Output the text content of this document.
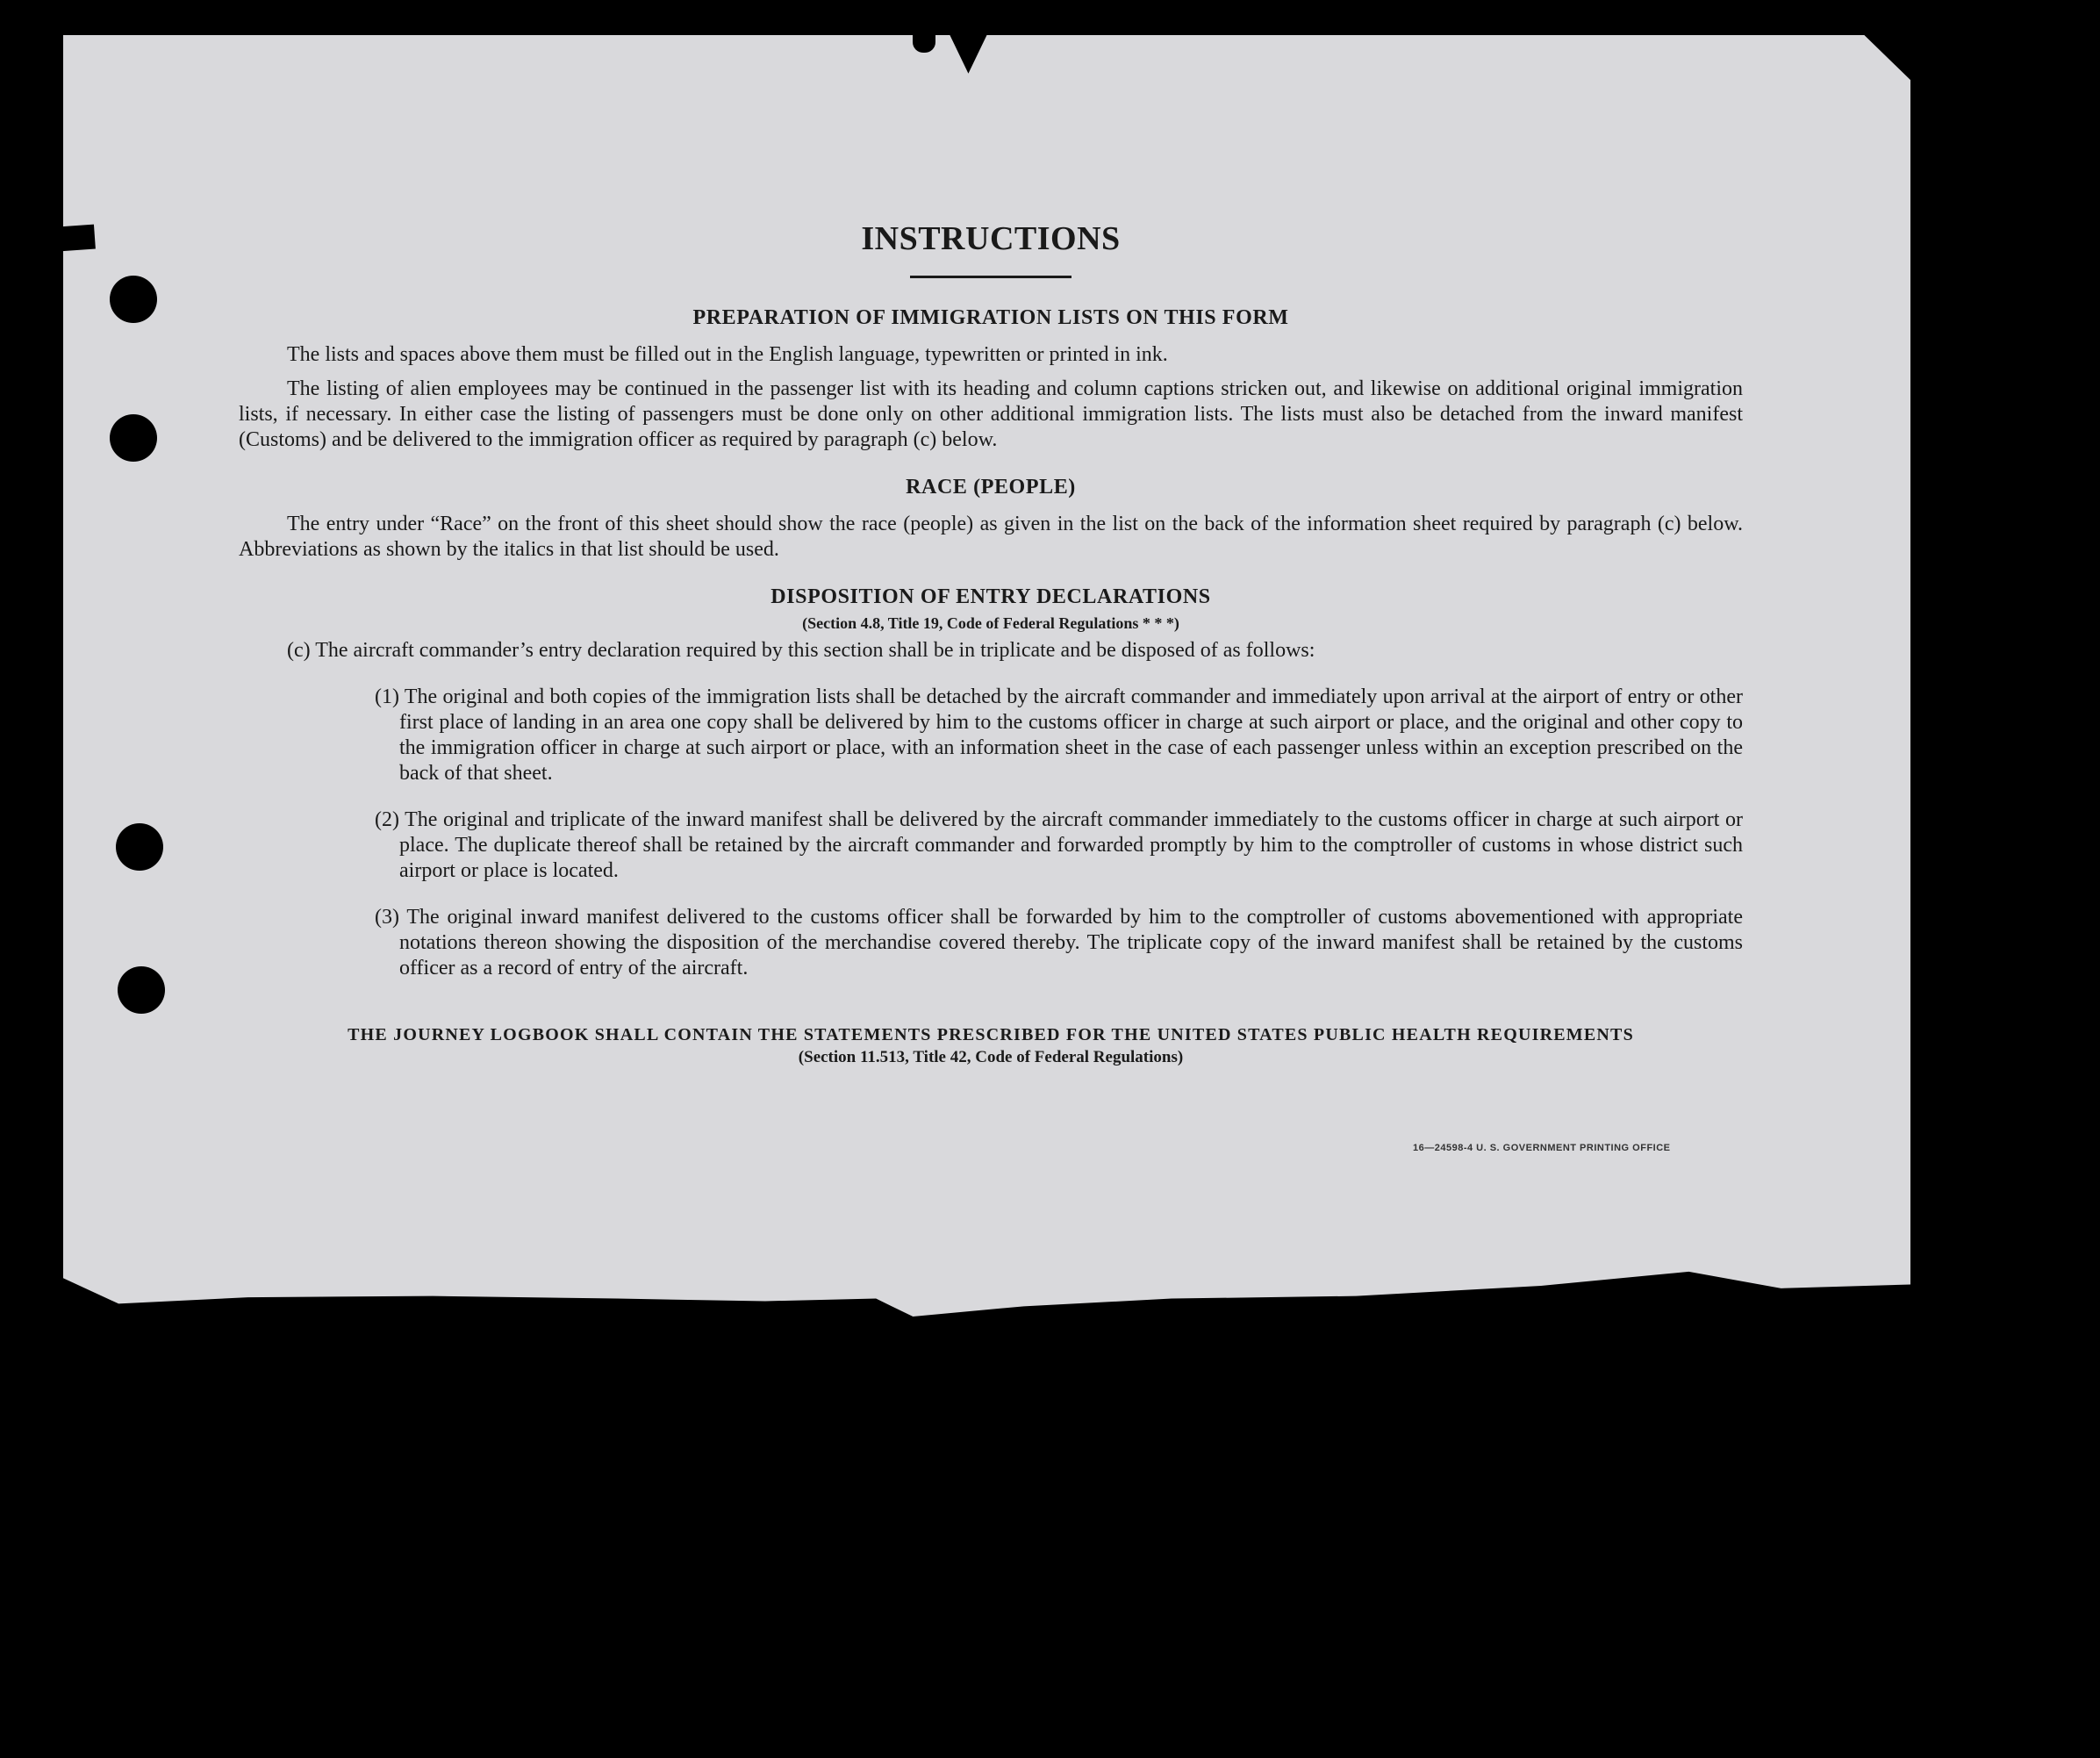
INSTRUCTIONS
PREPARATION OF IMMIGRATION LISTS ON THIS FORM

The lists and spaces above them must be filled out in the English language, typewritten or printed in ink.

The listing of alien employees may be continued in the passenger list with its heading and column captions stricken out, and likewise on additional original immigration lists, if necessary. In either case the listing of passengers must be done only on other additional immigration lists. The lists must also be detached from the inward manifest (Customs) and be delivered to the immigration officer as required by paragraph (c) below.

RACE (PEOPLE)

The entry under “Race” on the front of this sheet should show the race (people) as given in the list on the back of the information sheet required by paragraph (c) below. Abbreviations as shown by the italics in that list should be used.

DISPOSITION OF ENTRY DECLARATIONS
(Section 4.8, Title 19, Code of Federal Regulations * * *)

(c) The aircraft commander’s entry declaration required by this section shall be in triplicate and be disposed of as follows:

(1) The original and both copies of the immigration lists shall be detached by the aircraft commander and immediately upon arrival at the airport of entry or other first place of landing in an area one copy shall be delivered by him to the customs officer in charge at such airport or place, and the original and other copy to the immigration officer in charge at such airport or place, with an information sheet in the case of each passenger unless within an exception prescribed on the back of that sheet.
(2) The original and triplicate of the inward manifest shall be delivered by the aircraft commander immediately to the customs officer in charge at such airport or place. The duplicate thereof shall be retained by the aircraft commander and forwarded promptly by him to the comptroller of customs in whose district such airport or place is located.
(3) The original inward manifest delivered to the customs officer shall be forwarded by him to the comptroller of customs abovementioned with appropriate notations thereon showing the disposition of the merchandise covered thereby. The triplicate copy of the inward manifest shall be retained by the customs officer as a record of entry of the aircraft.
THE JOURNEY LOGBOOK SHALL CONTAIN THE STATEMENTS PRESCRIBED FOR THE UNITED STATES PUBLIC HEALTH REQUIREMENTS
(Section 11.513, Title 42, Code of Federal Regulations)
16—24598-4 U. S. GOVERNMENT PRINTING OFFICE
